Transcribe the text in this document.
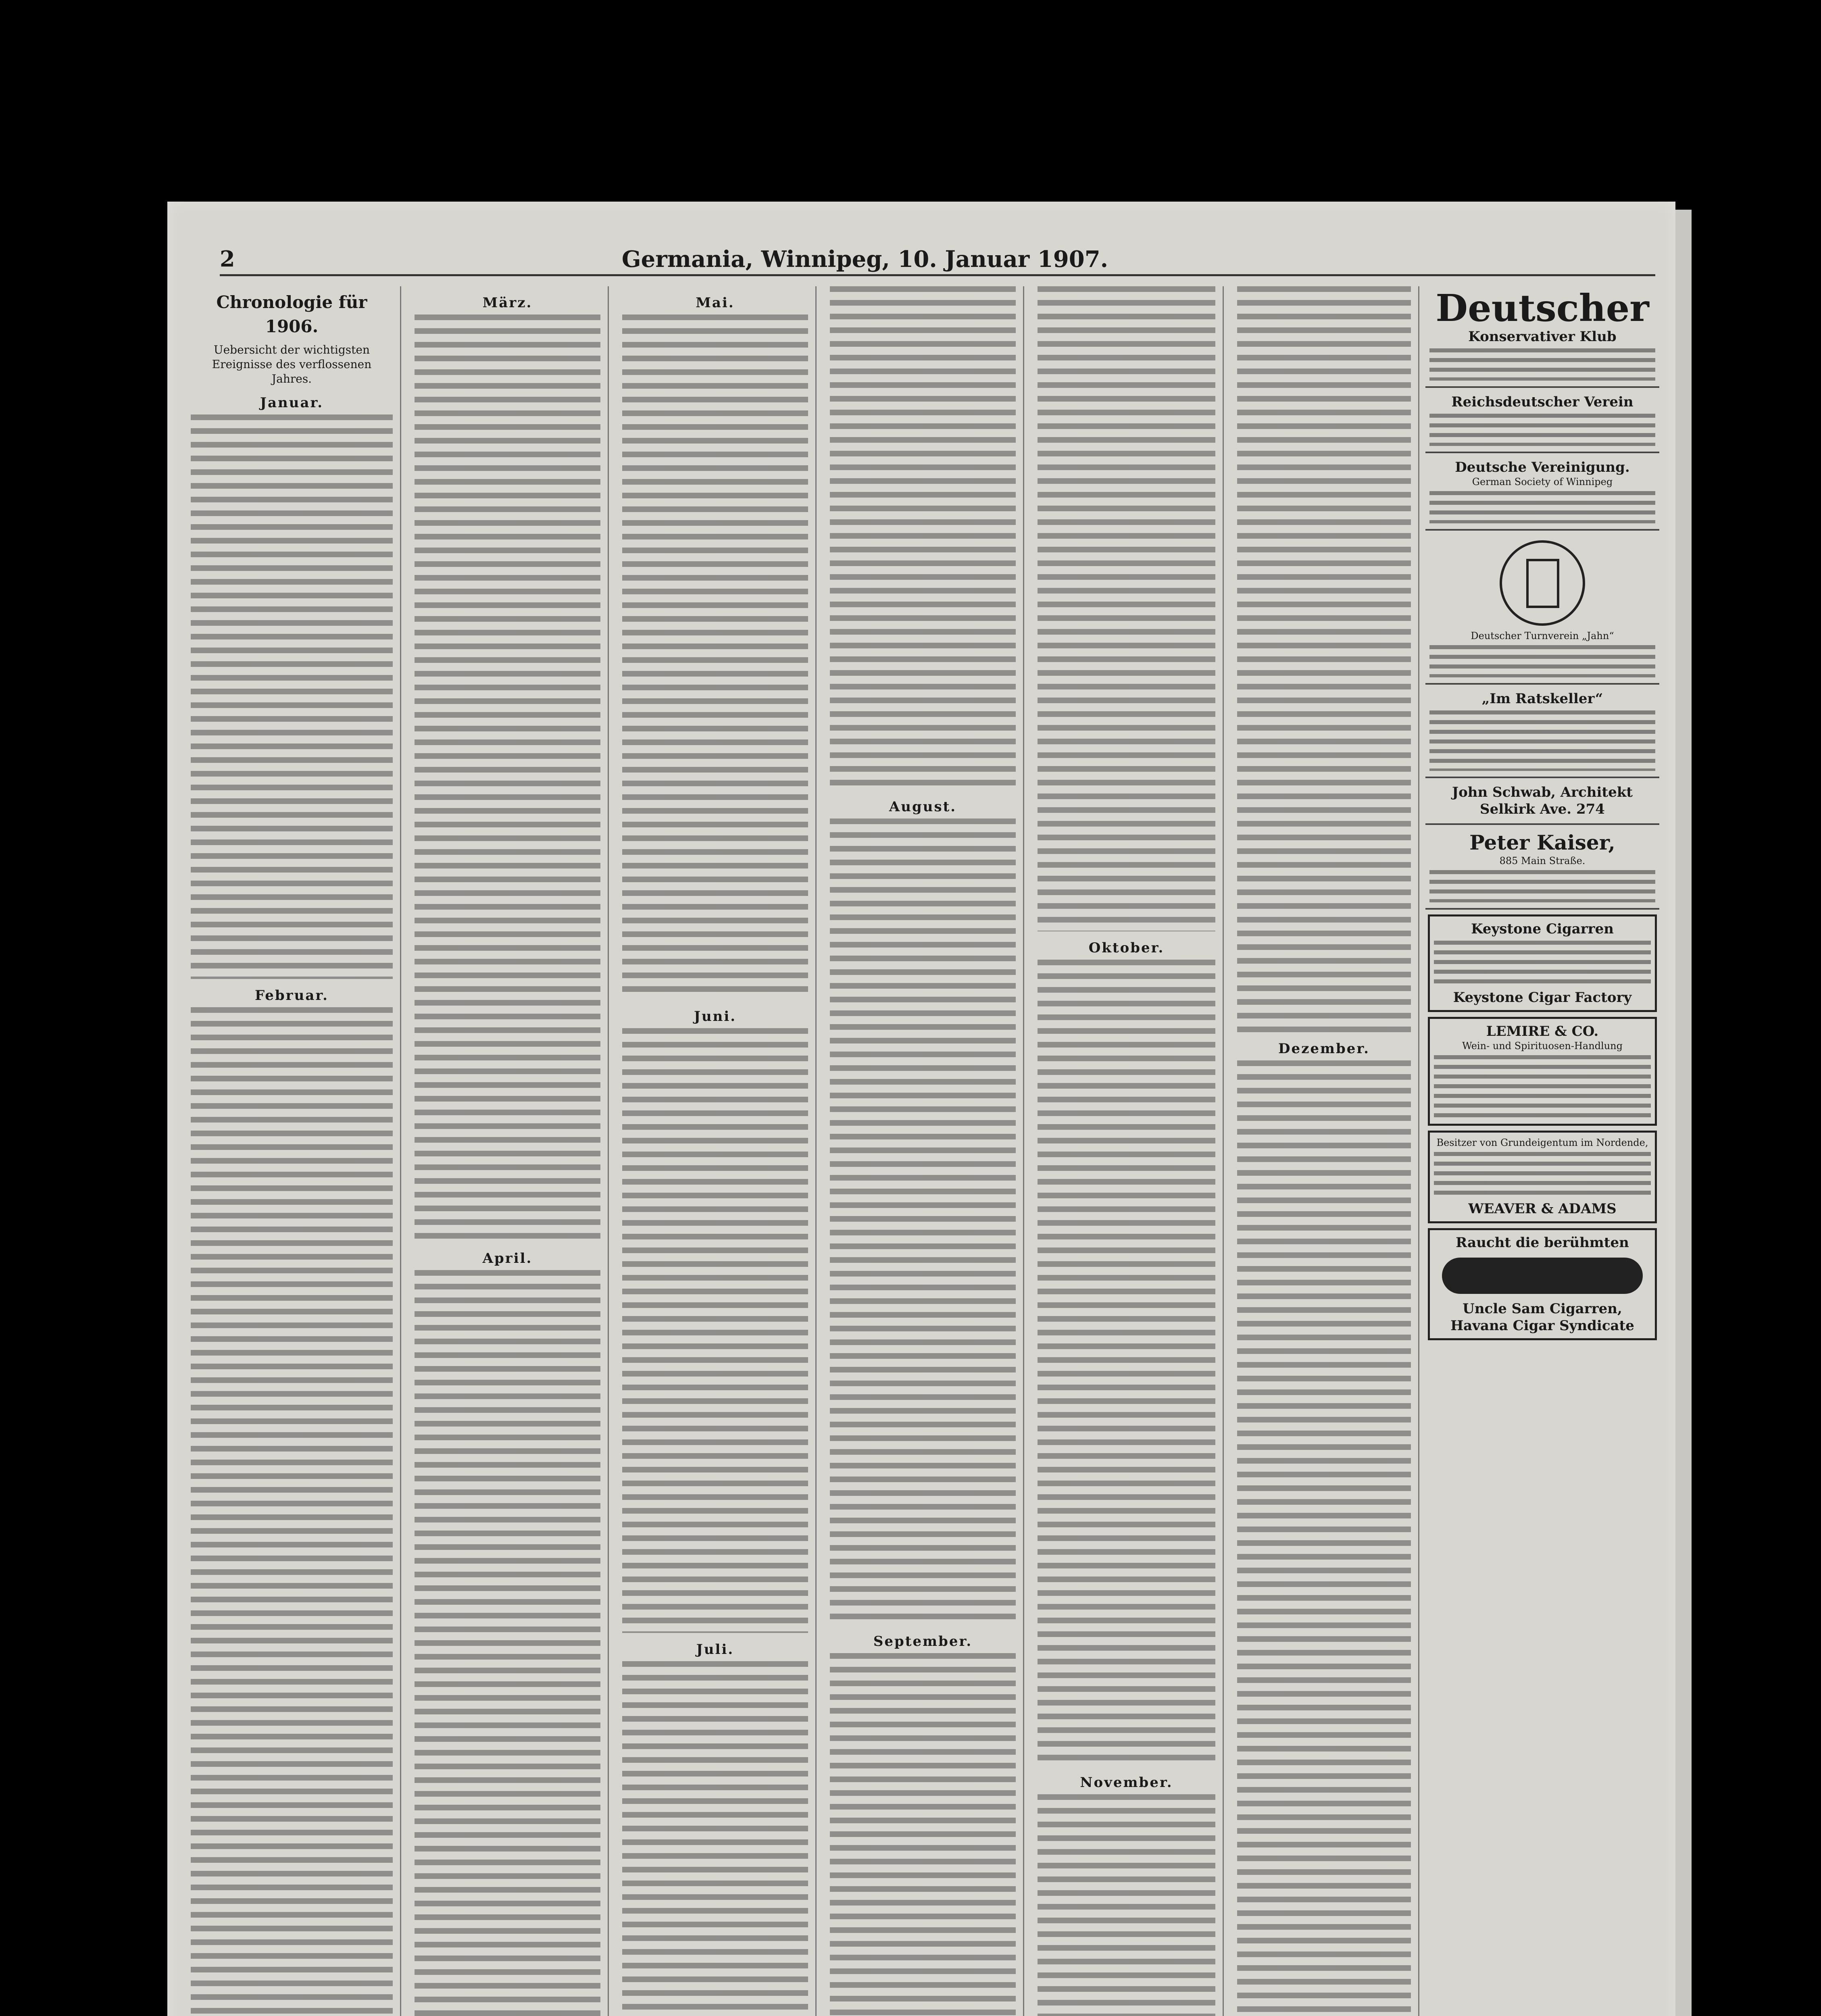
2	Germania, Winnipeg, 10. Januar 1907.
Chronologie für 1906.
Uebersicht der wichtigsten Ereignisse des verflossenen Jahres.
Januar.
Februar.
März.
April.
Mai.
Juni.
Juli.
August.
September.
Oktober.
November.
Dezember.
Deutscher
Konservativer Klub
Reichsdeutscher Verein
Deutsche Vereinigung.
German Society of Winnipeg
Deutscher Turnverein „Jahn“
„Im Ratskeller“
John Schwab, Architekt
Selkirk Ave. 274
Peter Kaiser,
885 Main Straße.
Keystone Cigarren
Keystone Cigar Factory
LEMIRE & CO.
Wein- und Spirituosen-Handlung
Besitzer von Grundeigentum im Nordende,
WEAVER & ADAMS
Raucht die berühmten
Uncle Sam Cigarren,
Havana Cigar Syndicate
